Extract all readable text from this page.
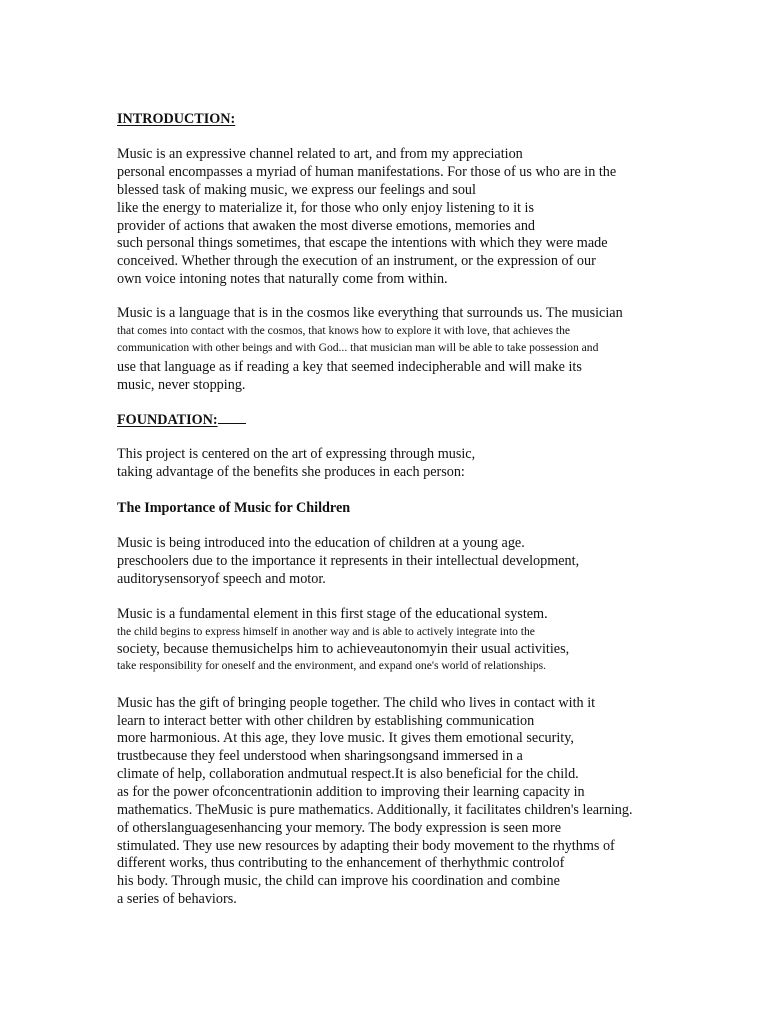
INTRODUCTION:
Music is an expressive channel related to art, and from my appreciation
personal encompasses a myriad of human manifestations. For those of us who are in the
blessed task of making music, we express our feelings and soul
like the energy to materialize it, for those who only enjoy listening to it is
provider of actions that awaken the most diverse emotions, memories and
such personal things sometimes, that escape the intentions with which they were made
conceived. Whether through the execution of an instrument, or the expression of our
own voice intoning notes that naturally come from within.
Music is a language that is in the cosmos like everything that surrounds us. The musician
that comes into contact with the cosmos, that knows how to explore it with love, that achieves the
communication with other beings and with God... that musician man will be able to take possession and
use that language as if reading a key that seemed indecipherable and will make its
music, never stopping.
FOUNDATION:
This project is centered on the art of expressing through music,
taking advantage of the benefits she produces in each person:
The Importance of Music for Children
Music is being introduced into the education of children at a young age.
preschoolers due to the importance it represents in their intellectual development,
auditorysensoryof speech and motor.
Music is a fundamental element in this first stage of the educational system.
the child begins to express himself in another way and is able to actively integrate into the
society, because themusichelps him to achieveautonomyin their usual activities,
take responsibility for oneself and the environment, and expand one's world of relationships.
Music has the gift of bringing people together. The child who lives in contact with it
learn to interact better with other children by establishing communication
more harmonious. At this age, they love music. It gives them emotional security,
trustbecause they feel understood when sharingsongsand immersed in a
climate of help, collaboration andmutual respect.It is also beneficial for the child.
as for the power ofconcentrationin addition to improving their learning capacity in
mathematics. TheMusic is pure mathematics. Additionally, it facilitates children's learning.
of otherslanguagesenhancing your memory. The body expression is seen more
stimulated. They use new resources by adapting their body movement to the rhythms of
different works, thus contributing to the enhancement of therhythmic controlof
his body. Through music, the child can improve his coordination and combine
a series of behaviors.
